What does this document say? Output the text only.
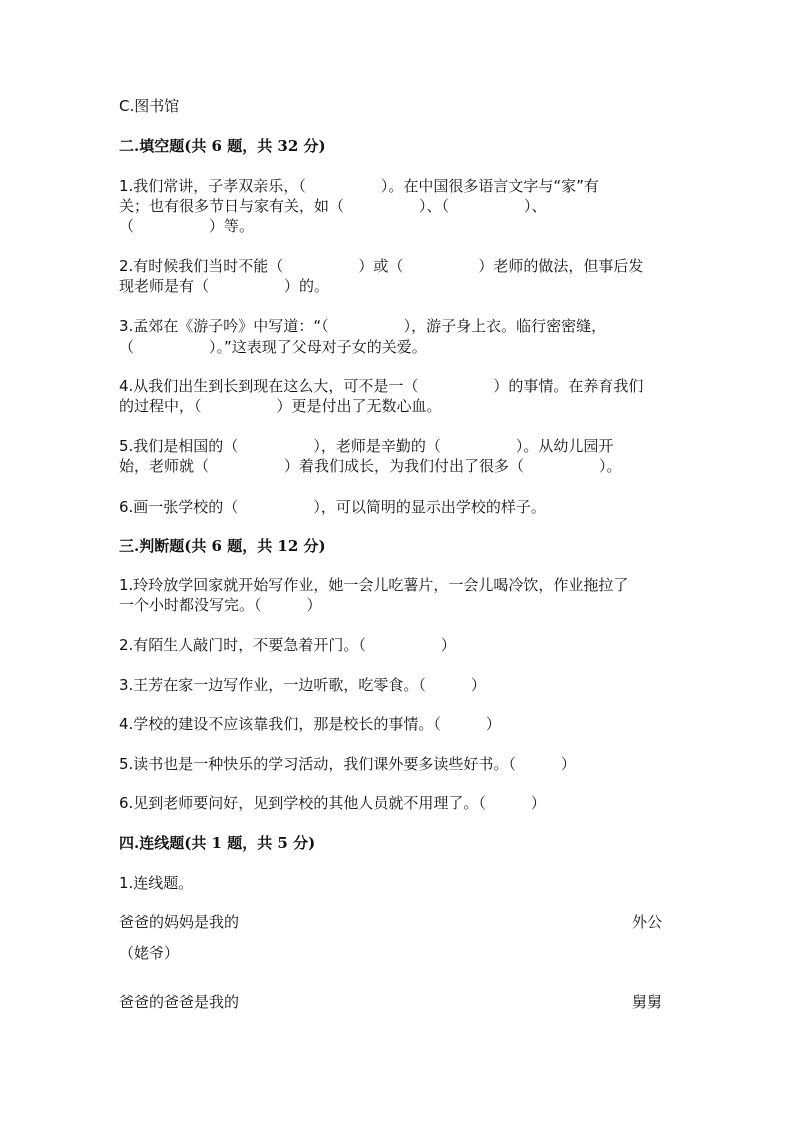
C.图书馆
二.填空题(共 6 题，共 32 分)
1.我们常讲，子孝双亲乐，（　　　　　）。在中国很多语言文字与“家”有
关；也有很多节日与家有关，如（　　　　　）、（　　　　　）、
（　　　　　）等。
2.有时候我们当时不能（　　　　　）或（　　　　　）老师的做法，但事后发
现老师是有（　　　　　）的。
3.孟郊在《游子吟》中写道：“（　　　　　），游子身上衣。临行密密缝，
（　　　　　）。”这表现了父母对子女的关爱。
4.从我们出生到长到现在这么大，可不是一（　　　　　）的事情。在养育我们
的过程中，（　　　　　）更是付出了无数心血。
5.我们是相国的（　　　　　），老师是辛勤的（　　　　　）。从幼儿园开
始，老师就（　　　　　）着我们成长，为我们付出了很多（　　　　　）。
6.画一张学校的（　　　　　），可以简明的显示出学校的样子。
三.判断题(共 6 题，共 12 分)
1.玲玲放学回家就开始写作业，她一会儿吃薯片，一会儿喝冷饮，作业拖拉了
一个小时都没写完。（　　　）
2.有陌生人敲门时，不要急着开门。（　　　　　）
3.王芳在家一边写作业，一边听歌，吃零食。（　　　）
4.学校的建设不应该靠我们，那是校长的事情。（　　　）
5.读书也是一种快乐的学习活动，我们课外要多读些好书。（　　　）
6.见到老师要问好，见到学校的其他人员就不用理了。（　　　）
四.连线题(共 1 题，共 5 分)
1.连线题。
爸爸的妈妈是我的	外公
（姥爷）
爸爸的爸爸是我的	舅舅
